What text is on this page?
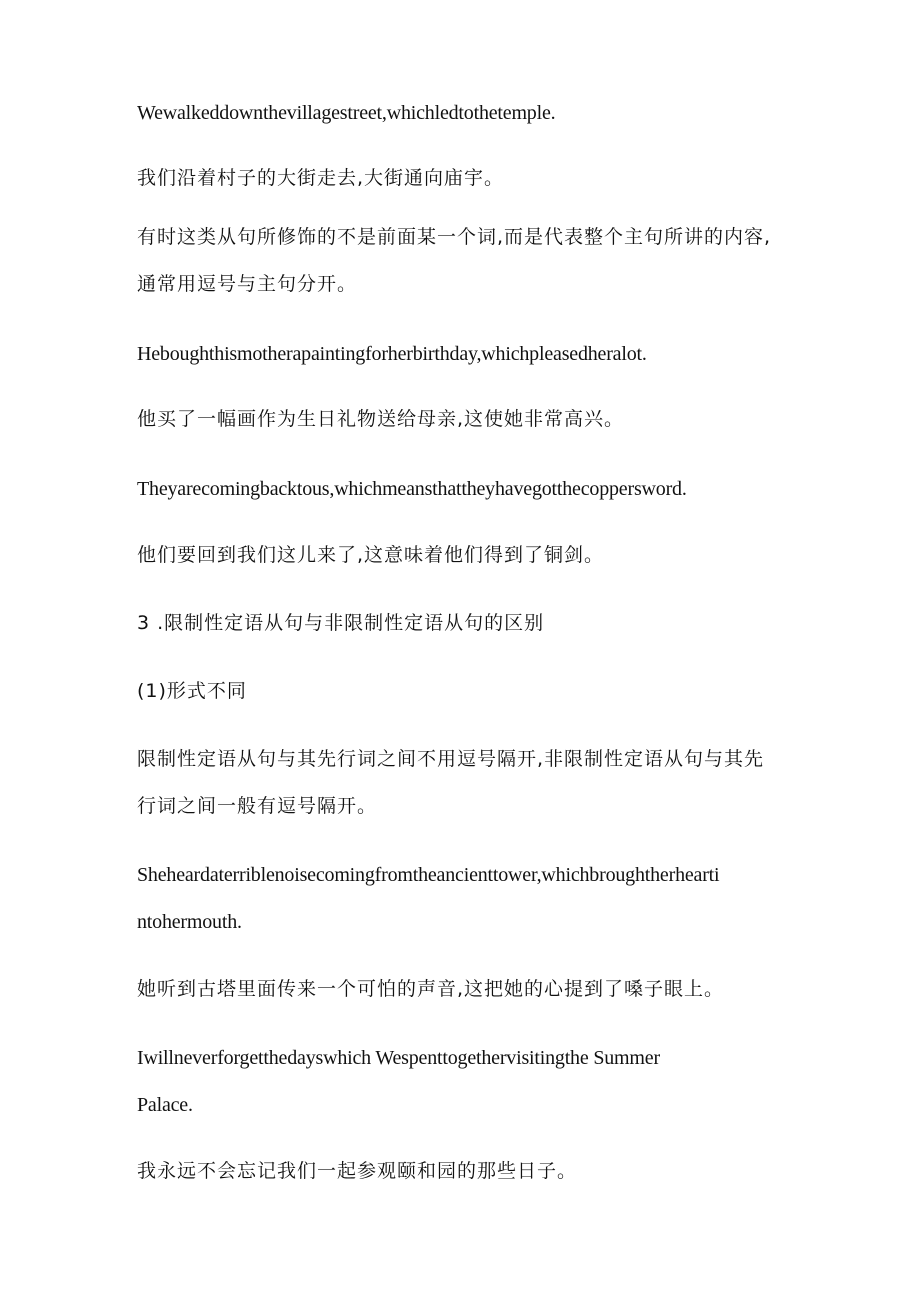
Wewalkeddownthevillagestreet,whichledtothetemple.
我们沿着村子的大街走去,大街通向庙宇。
有时这类从句所修饰的不是前面某一个词,而是代表整个主句所讲的内容,
通常用逗号与主句分开。
Heboughthismotherapaintingforherbirthday,whichpleasedheralot.
他买了一幅画作为生日礼物送给母亲,这使她非常高兴。
Theyarecomingbacktous,whichmeansthattheyhavegotthecoppersword.
他们要回到我们这儿来了,这意味着他们得到了铜剑。
3 .限制性定语从句与非限制性定语从句的区别
(1)形式不同
限制性定语从句与其先行词之间不用逗号隔开,非限制性定语从句与其先
行词之间一般有逗号隔开。
Sheheardaterriblenoisecomingfromtheancienttower,whichbroughtherhearti
ntohermouth.
她听到古塔里面传来一个可怕的声音,这把她的心提到了嗓子眼上。
Iwillneverforgetthedayswhich Wespenttogethervisitingthe Summer
Palace.
我永远不会忘记我们一起参观颐和园的那些日子。
